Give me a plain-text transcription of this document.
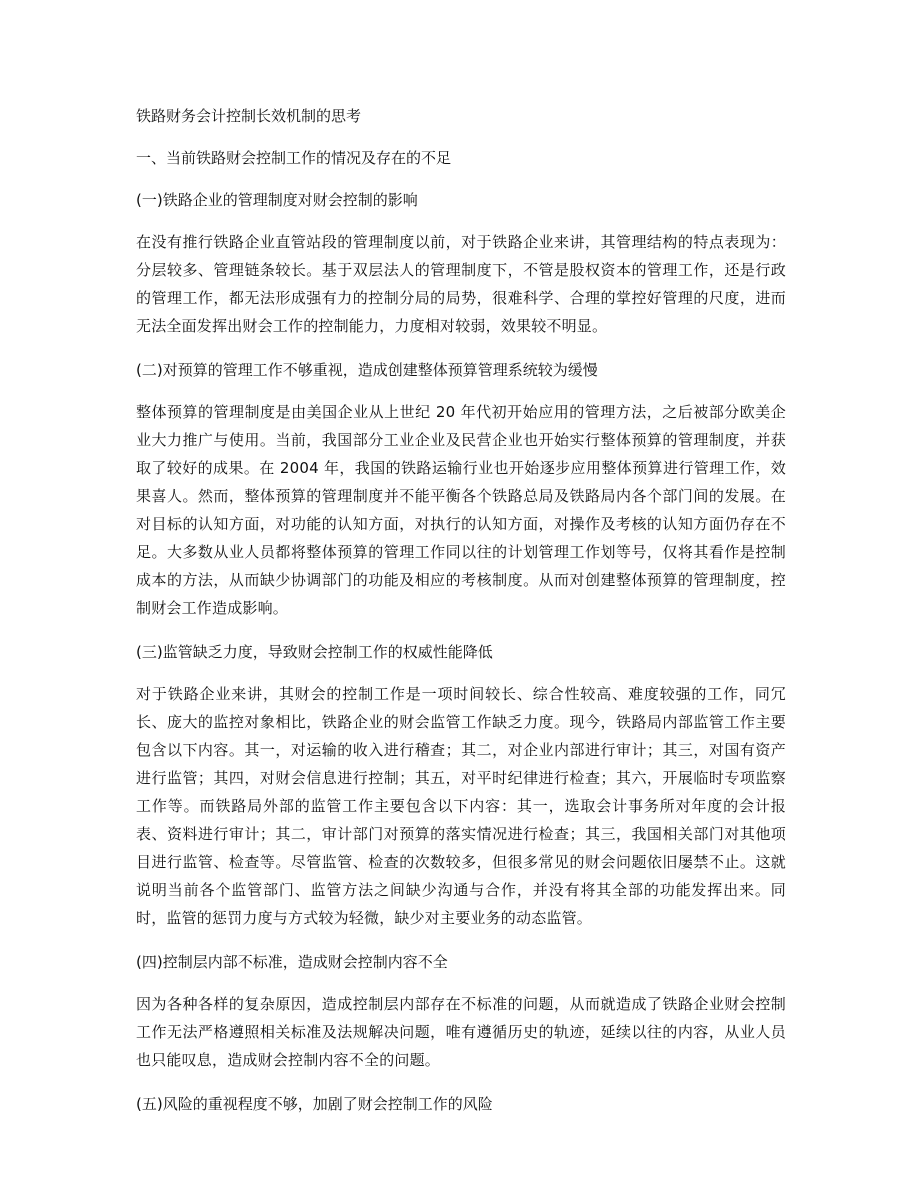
铁路财务会计控制长效机制的思考

一、当前铁路财会控制工作的情况及存在的不足

(一)铁路企业的管理制度对财会控制的影响

在没有推行铁路企业直管站段的管理制度以前，对于铁路企业来讲，其管理结构的特点表现为：分层较多、管理链条较长。基于双层法人的管理制度下，不管是股权资本的管理工作，还是行政的管理工作，都无法形成强有力的控制分局的局势，很难科学、合理的掌控好管理的尺度，进而无法全面发挥出财会工作的控制能力，力度相对较弱，效果较不明显。

(二)对预算的管理工作不够重视，造成创建整体预算管理系统较为缓慢

整体预算的管理制度是由美国企业从上世纪 20 年代初开始应用的管理方法，之后被部分欧美企业大力推广与使用。当前，我国部分工业企业及民营企业也开始实行整体预算的管理制度，并获取了较好的成果。在 2004 年，我国的铁路运输行业也开始逐步应用整体预算进行管理工作，效果喜人。然而，整体预算的管理制度并不能平衡各个铁路总局及铁路局内各个部门间的发展。在对目标的认知方面，对功能的认知方面，对执行的认知方面，对操作及考核的认知方面仍存在不足。大多数从业人员都将整体预算的管理工作同以往的计划管理工作划等号，仅将其看作是控制成本的方法，从而缺少协调部门的功能及相应的考核制度。从而对创建整体预算的管理制度，控制财会工作造成影响。

(三)监管缺乏力度，导致财会控制工作的权威性能降低

对于铁路企业来讲，其财会的控制工作是一项时间较长、综合性较高、难度较强的工作，同冗长、庞大的监控对象相比，铁路企业的财会监管工作缺乏力度。现今，铁路局内部监管工作主要包含以下内容。其一，对运输的收入进行稽查；其二，对企业内部进行审计；其三，对国有资产进行监管；其四，对财会信息进行控制；其五，对平时纪律进行检查；其六，开展临时专项监察工作等。而铁路局外部的监管工作主要包含以下内容：其一，选取会计事务所对年度的会计报表、资料进行审计；其二，审计部门对预算的落实情况进行检查；其三，我国相关部门对其他项目进行监管、检查等。尽管监管、检查的次数较多，但很多常见的财会问题依旧屡禁不止。这就说明当前各个监管部门、监管方法之间缺少沟通与合作，并没有将其全部的功能发挥出来。同时，监管的惩罚力度与方式较为轻微，缺少对主要业务的动态监管。

(四)控制层内部不标准，造成财会控制内容不全

因为各种各样的复杂原因，造成控制层内部存在不标准的问题，从而就造成了铁路企业财会控制工作无法严格遵照相关标准及法规解决问题，唯有遵循历史的轨迹，延续以往的内容，从业人员也只能叹息，造成财会控制内容不全的问题。

(五)风险的重视程度不够，加剧了财会控制工作的风险
